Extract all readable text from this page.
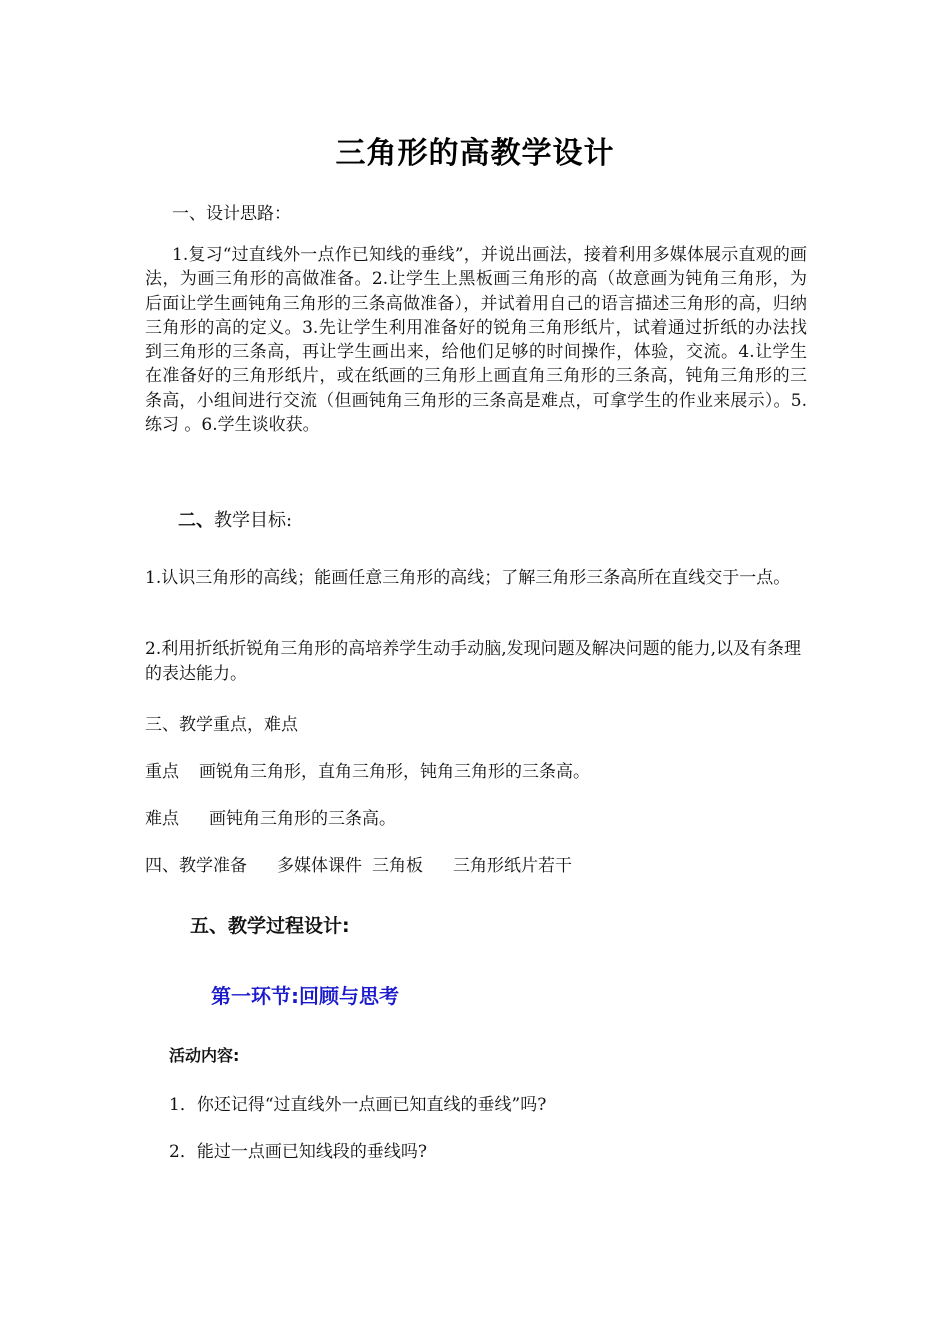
三角形的高教学设计
一、设计思路：
1.复习“过直线外一点作已知线的垂线”，并说出画法，接着利用多媒体展示直观的画法，为画三角形的高做准备。2.让学生上黑板画三角形的高（故意画为钝角三角形，为后面让学生画钝角三角形的三条高做准备），并试着用自己的语言描述三角形的高，归纳三角形的高的定义。3.先让学生利用准备好的锐角三角形纸片，试着通过折纸的办法找到三角形的三条高，再让学生画出来，给他们足够的时间操作，体验，交流。4.让学生在准备好的三角形纸片，或在纸画的三角形上画直角三角形的三条高，钝角三角形的三条高，小组间进行交流（但画钝角三角形的三条高是难点，可拿学生的作业来展示）。5.练习 。6.学生谈收获。
二、教学目标:
1.认识三角形的高线；能画任意三角形的高线；了解三角形三条高所在直线交于一点。
2.利用折纸折锐角三角形的高培养学生动手动脑,发现问题及解决问题的能力,以及有条理的表达能力。
三、教学重点，难点
重点 画锐角三角形，直角三角形，钝角三角形的三条高。
难点 画钝角三角形的三条高。
四、教学准备 多媒体课件 三角板 三角形纸片若干
五、教学过程设计:
第一环节:回顾与思考
活动内容:
1．你还记得“过直线外一点画已知直线的垂线”吗?
2．能过一点画已知线段的垂线吗?
